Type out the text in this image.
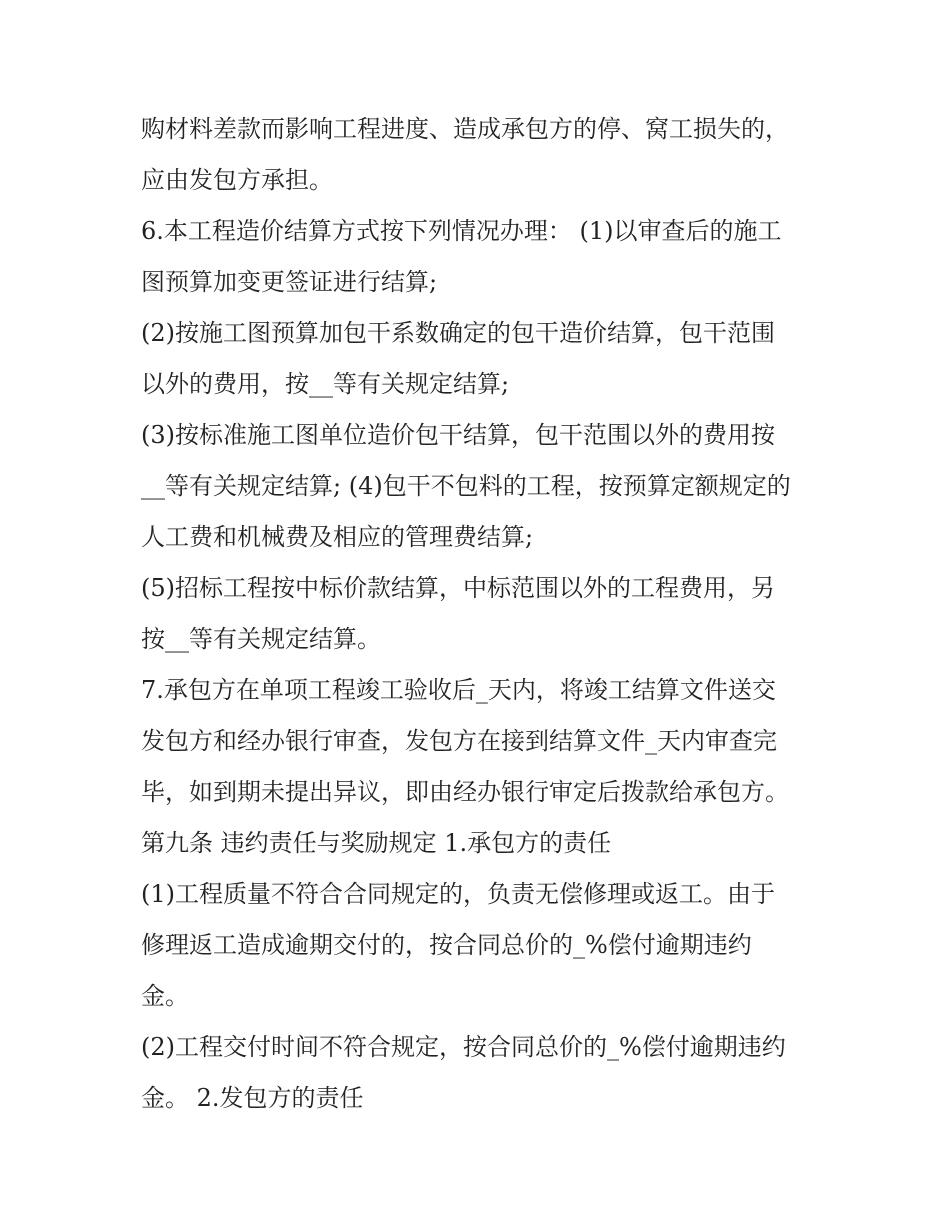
购材料差款而影响工程进度、造成承包方的停、窝工损失的，
应由发包方承担。
6.本工程造价结算方式按下列情况办理： (1)以审查后的施工
图预算加变更签证进行结算;
(2)按施工图预算加包干系数确定的包干造价结算，包干范围
以外的费用，按__等有关规定结算;
(3)按标准施工图单位造价包干结算，包干范围以外的费用按
__等有关规定结算; (4)包干不包料的工程，按预算定额规定的
人工费和机械费及相应的管理费结算;
(5)招标工程按中标价款结算，中标范围以外的工程费用，另
按__等有关规定结算。
7.承包方在单项工程竣工验收后_天内，将竣工结算文件送交
发包方和经办银行审查，发包方在接到结算文件_天内审查完
毕，如到期未提出异议，即由经办银行审定后拨款给承包方。
第九条 违约责任与奖励规定 1.承包方的责任
(1)工程质量不符合合同规定的，负责无偿修理或返工。由于
修理返工造成逾期交付的，按合同总价的_%偿付逾期违约
金。
(2)工程交付时间不符合规定，按合同总价的_%偿付逾期违约
金。 2.发包方的责任
